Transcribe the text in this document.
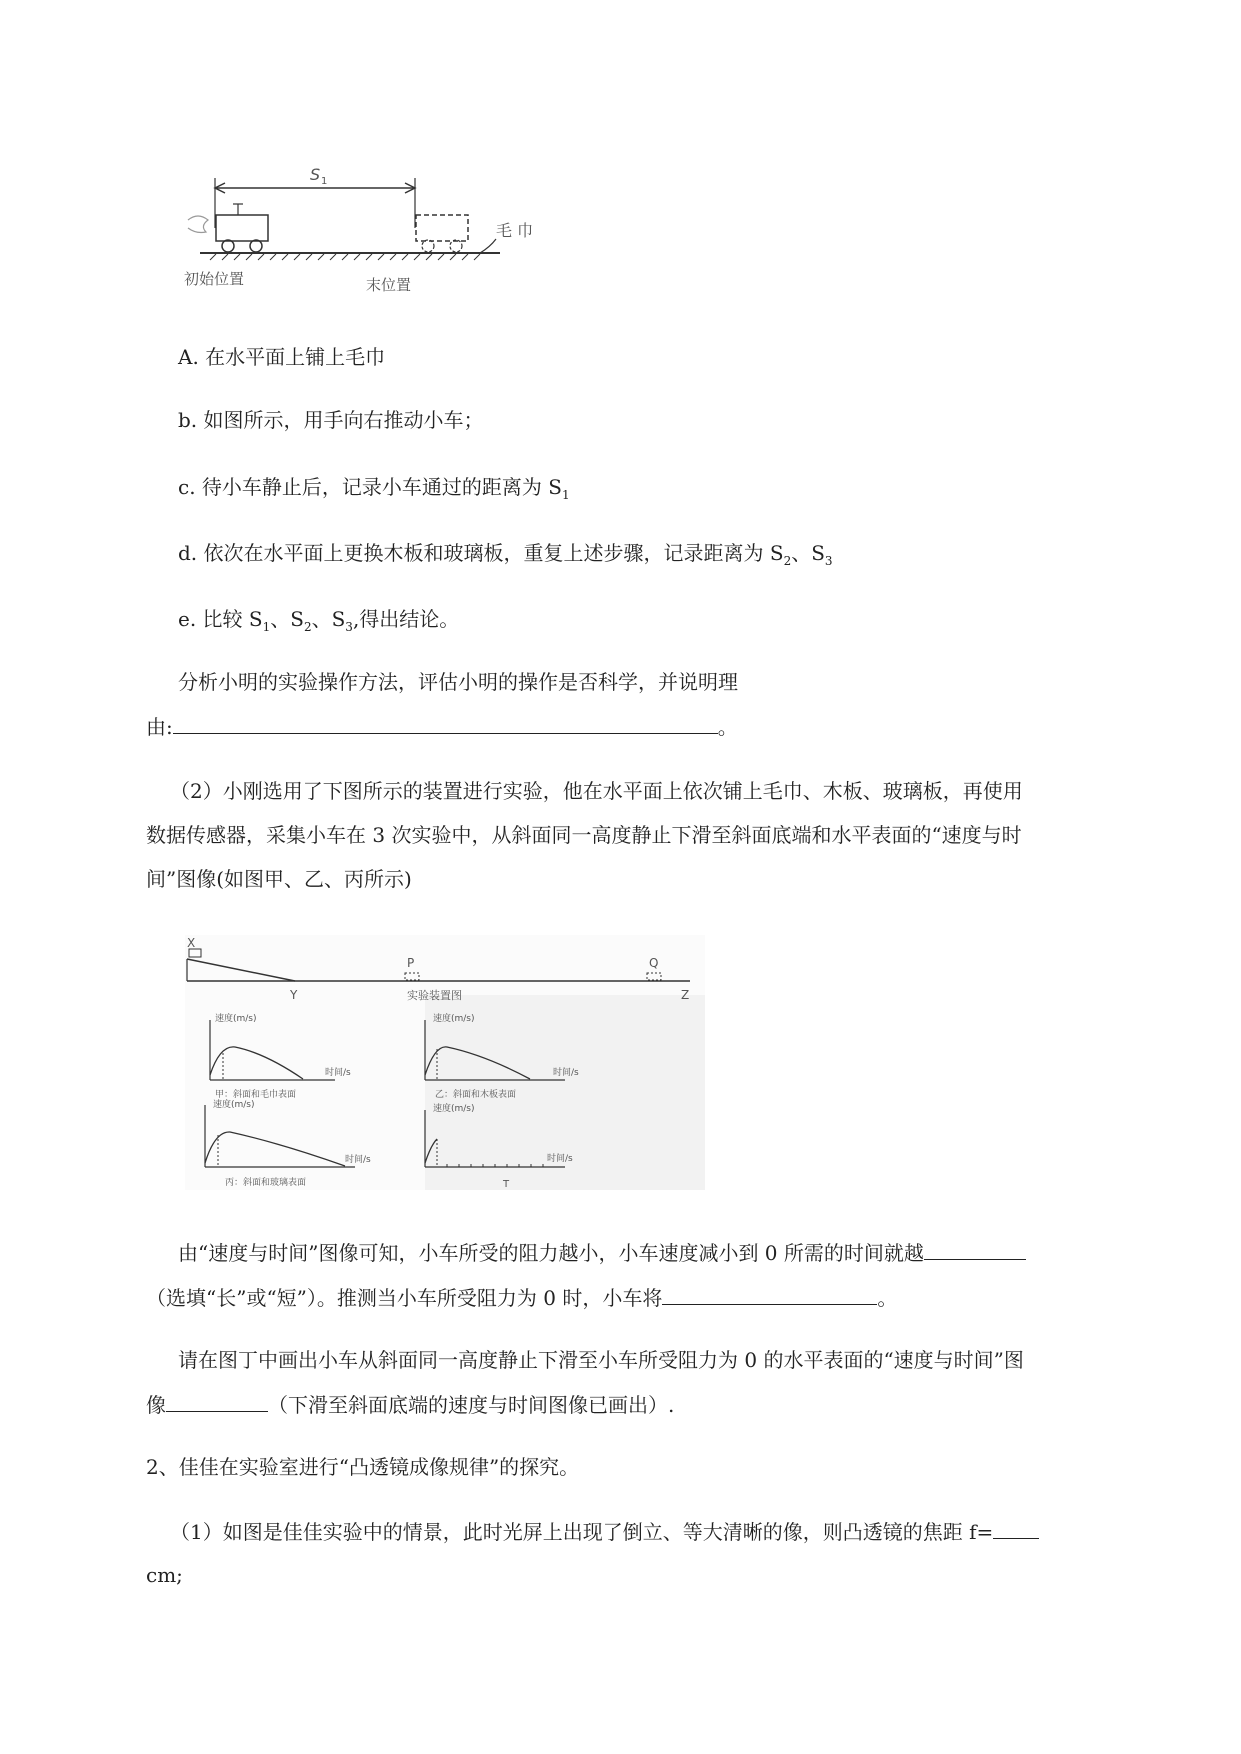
S 1
毛 巾
初始位置	末位置
A. 在水平面上铺上毛巾
b. 如图所示，用手向右推动小车；
c. 待小车静止后，记录小车通过的距离为 $S_1$
d. 依次在水平面上更换木板和玻璃板，重复上述步骤，记录距离为 $S_2$、$S_3$
e. 比较 $S_1$、$S_2$、$S_3$,得出结论。
分析小明的实验操作方法，评估小明的操作是否科学，并说明理
由:	。
（2）小刚选用了下图所示的装置进行实验，他在水平面上依次铺上毛巾、木板、玻璃板，再使用
数据传感器，采集小车在 3 次实验中，从斜面同一高度静止下滑至斜面底端和水平表面的“速度与时
间”图像(如图甲、乙、丙所示)
X
P	Q
Y	Z
实验装置图
速度(m/s)
时间/s
甲：斜面和毛巾表面
速度(m/s)
时间/s
乙：斜面和木板表面
速度(m/s)
时间/s
丙：斜面和玻璃表面
速度(m/s)
时间/s
T
由“速度与时间”图像可知，小车所受的阻力越小，小车速度减小到 0 所需的时间就越
（选填“长”或“短”）。推测当小车所受阻力为 0 时，小车将	。
请在图丁中画出小车从斜面同一高度静止下滑至小车所受阻力为 0 的水平表面的“速度与时间”图
像	（下滑至斜面底端的速度与时间图像已画出）.
2、佳佳在实验室进行“凸透镜成像规律”的探究。
（1）如图是佳佳实验中的情景，此时光屏上出现了倒立、等大清晰的像，则凸透镜的焦距 f=
cm;
